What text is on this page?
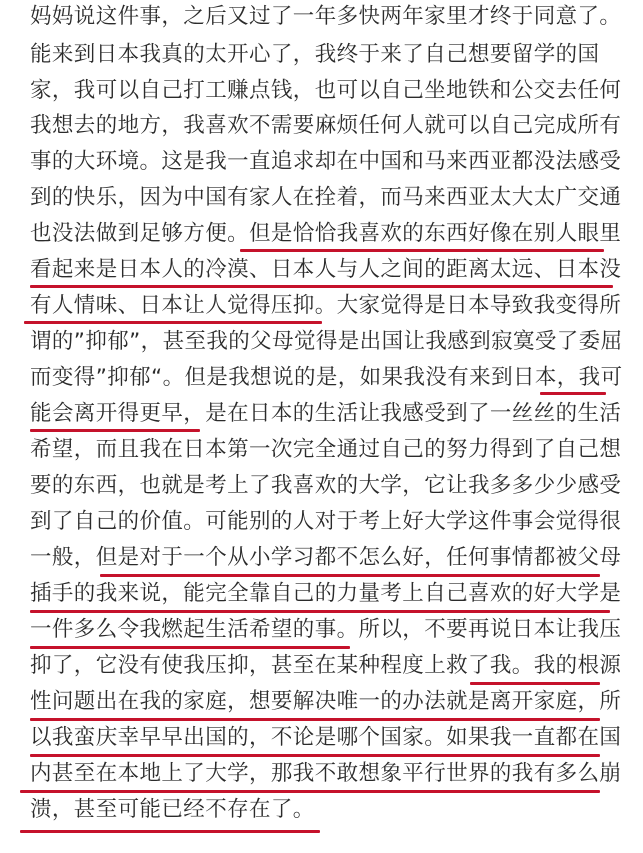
妈妈说这件事，之后又过了一年多快两年家里才终于同意了。
能来到日本我真的太开心了，我终于来了自己想要留学的国
家，我可以自己打工赚点钱，也可以自己坐地铁和公交去任何
我想去的地方，我喜欢不需要麻烦任何人就可以自己完成所有
事的大环境。这是我一直追求却在中国和马来西亚都没法感受
到的快乐，因为中国有家人在拴着，而马来西亚太大太广交通
也没法做到足够方便。但是恰恰我喜欢的东西好像在别人眼里
看起来是日本人的冷漠、日本人与人之间的距离太远、日本没
有人情味、日本让人觉得压抑。大家觉得是日本导致我变得所
谓的”抑郁”，甚至我的父母觉得是出国让我感到寂寞受了委屈
而变得”抑郁“。但是我想说的是，如果我没有来到日本，我可
能会离开得更早，是在日本的生活让我感受到了一丝丝的生活
希望，而且我在日本第一次完全通过自己的努力得到了自己想
要的东西，也就是考上了我喜欢的大学，它让我多多少少感受
到了自己的价值。可能别的人对于考上好大学这件事会觉得很
一般，但是对于一个从小学习都不怎么好，任何事情都被父母
插手的我来说，能完全靠自己的力量考上自己喜欢的好大学是
一件多么令我燃起生活希望的事。所以，不要再说日本让我压
抑了，它没有使我压抑，甚至在某种程度上救了我。我的根源
性问题出在我的家庭，想要解决唯一的办法就是离开家庭，所
以我蛮庆幸早早出国的，不论是哪个国家。如果我一直都在国
内甚至在本地上了大学，那我不敢想象平行世界的我有多么崩
溃，甚至可能已经不存在了。
